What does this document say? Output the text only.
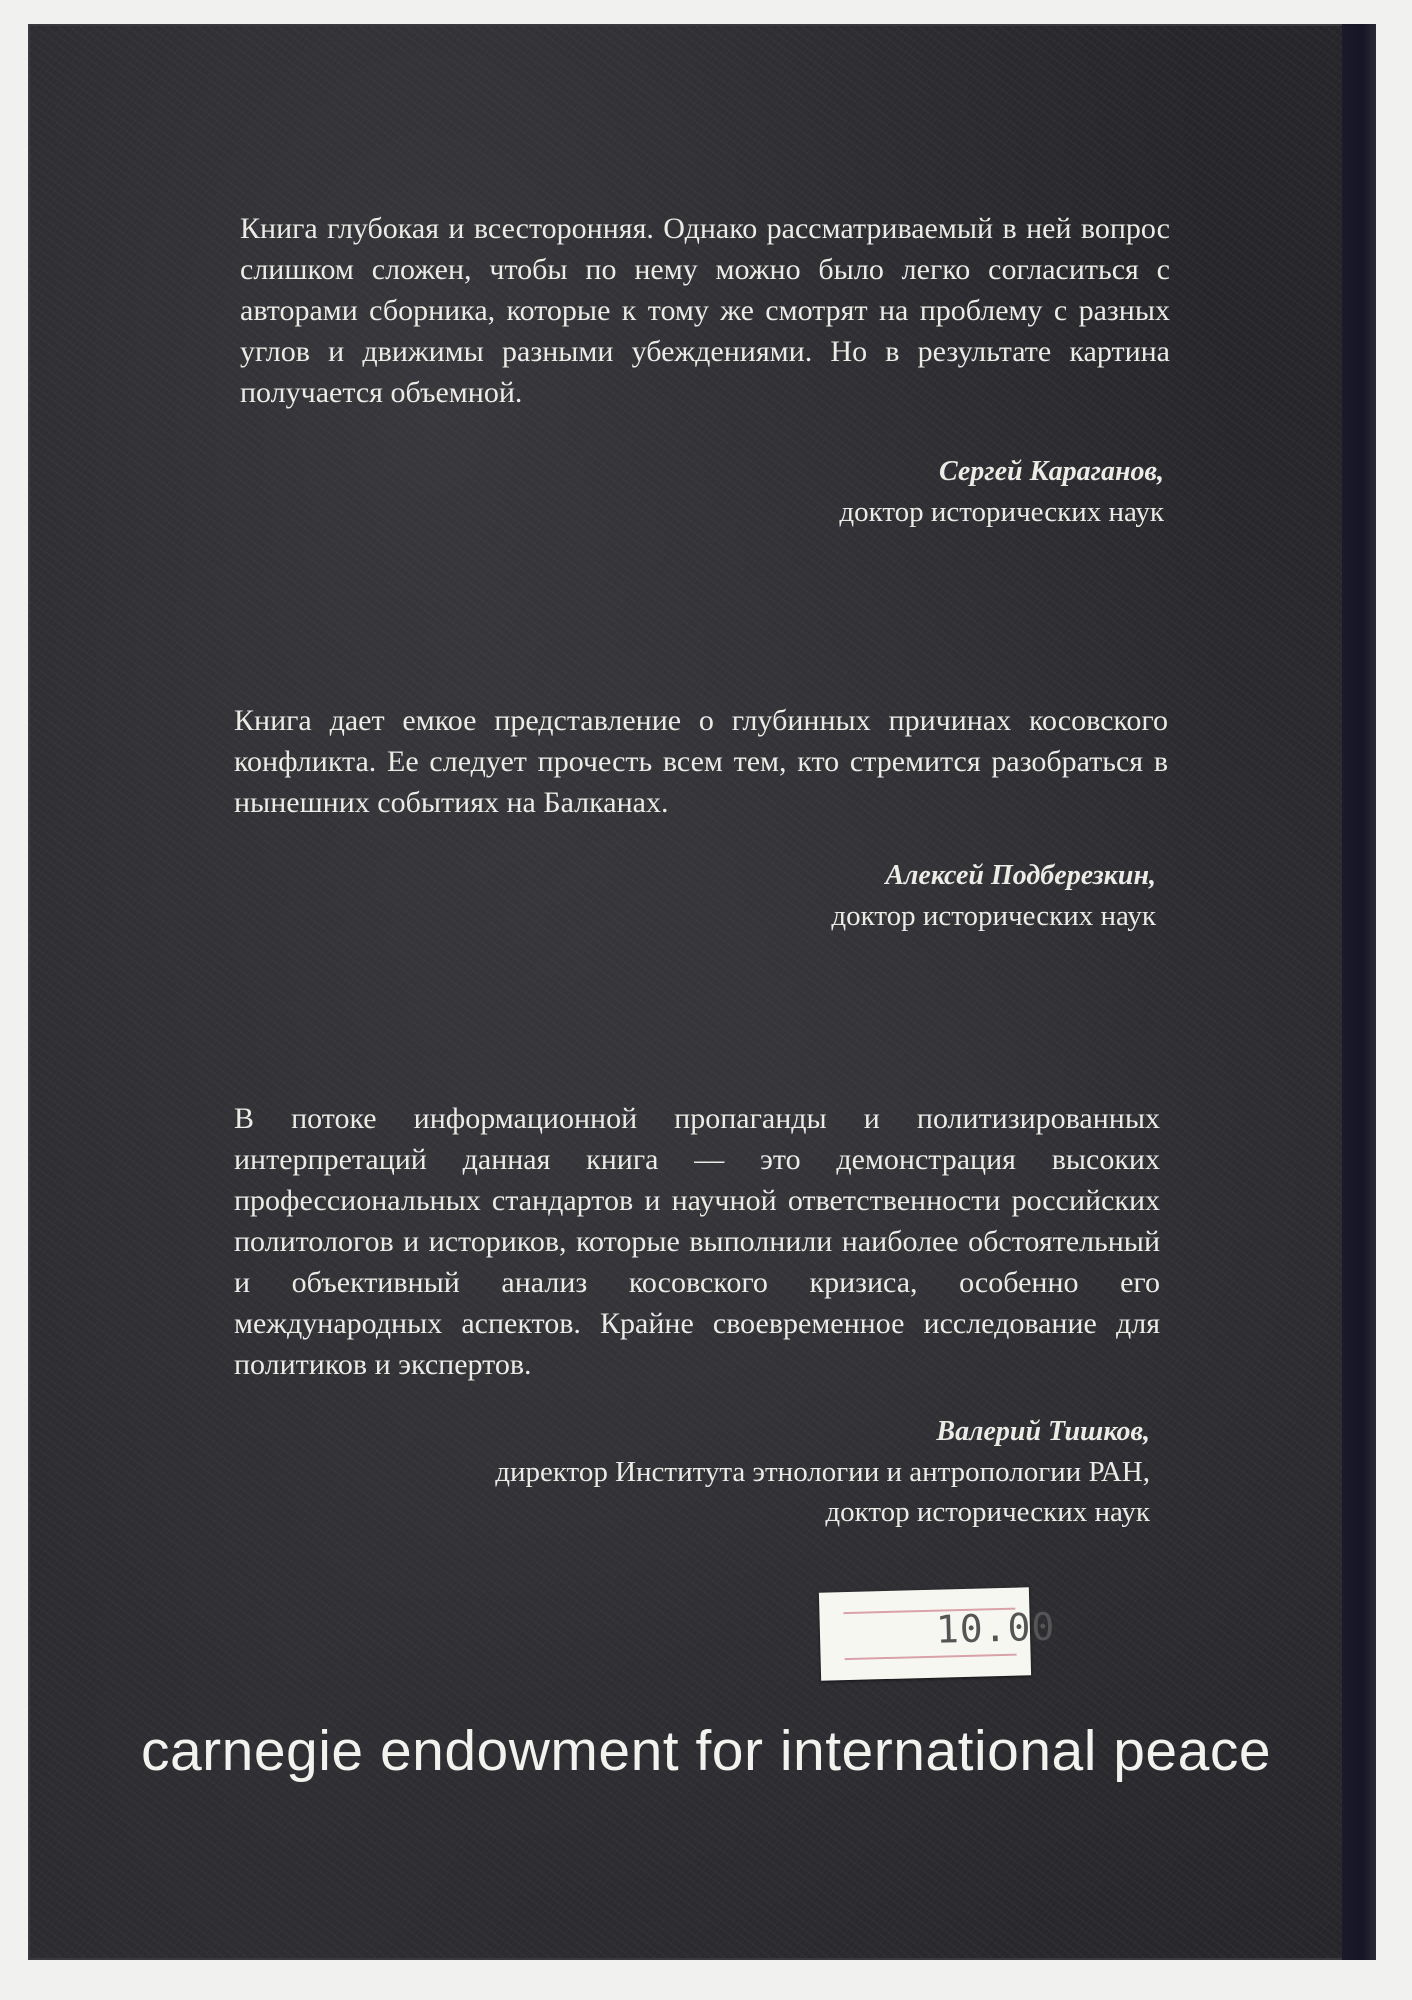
Книга глубокая и всесторонняя. Однако рассматриваемый в ней вопрос слишком сложен, чтобы по нему можно было легко согласиться с авторами сборника, которые к тому же смотрят на проблему с разных углов и движимы разными убеждениями. Но в результате картина получается объемной.
Сергей Караганов,
доктор исторических наук
Книга дает емкое представление о глубинных причинах косовского конфликта. Ее следует прочесть всем тем, кто стремится разобраться в нынешних событиях на Балканах.
Алексей Подберезкин,
доктор исторических наук
В потоке информационной пропаганды и политизированных интерпретаций данная книга — это демонстрация высоких профессиональных стандартов и научной ответственности российских политологов и историков, которые выполнили наиболее обстоятельный и объективный анализ косовского кризиса, особенно его международных аспектов. Крайне своевременное исследование для политиков и экспертов.
Валерий Тишков,
директор Института этнологии и антропологии РАН,
доктор исторических наук
10.00
carnegie endowment for international peace
